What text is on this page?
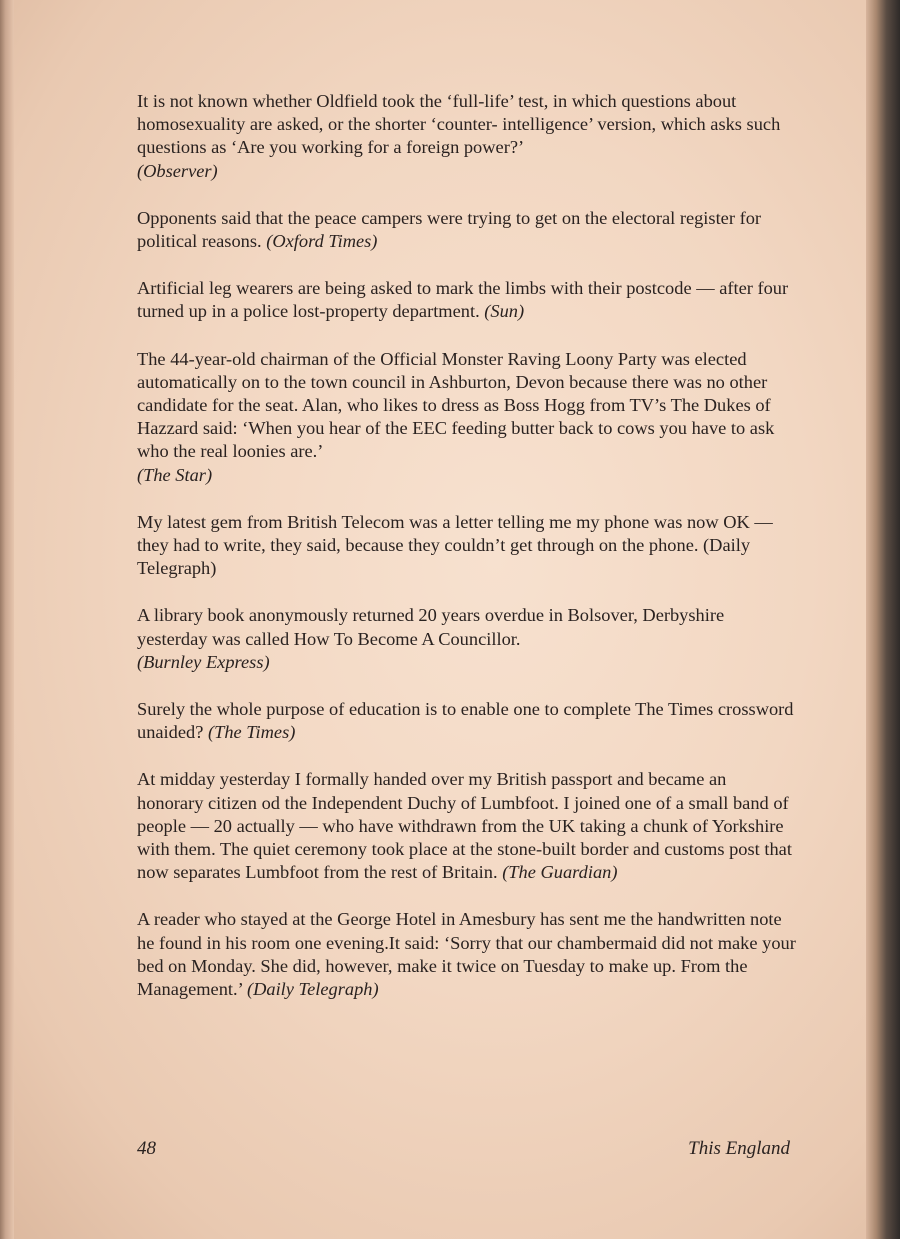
It is not known whether Oldfield took the ‘full-life’ test, in which questions about homosexuality are asked, or the shorter ‘counter- intelligence’ version, which asks such questions as ‘Are you working for a foreign power?’
(Observer)

Opponents said that the peace campers were trying to get on the electoral register for political reasons. (Oxford Times)

Artificial leg wearers are being asked to mark the limbs with their postcode — after four turned up in a police lost-property department. (Sun)

The 44-year-old chairman of the Official Monster Raving Loony Party was elected automatically on to the town council in Ashburton, Devon because there was no other candidate for the seat. Alan, who likes to dress as Boss Hogg from TV’s The Dukes of Hazzard said: ‘When you hear of the EEC feeding butter back to cows you have to ask who the real loonies are.’
(The Star)

My latest gem from British Telecom was a letter telling me my phone was now OK — they had to write, they said, because they couldn’t get through on the phone. (Daily Telegraph)

A library book anonymously returned 20 years overdue in Bolsover, Derbyshire yesterday was called How To Become A Councillor.
(Burnley Express)

Surely the whole purpose of education is to enable one to complete The Times crossword unaided? (The Times)

At midday yesterday I formally handed over my British passport and became an honorary citizen od the Independent Duchy of Lumbfoot. I joined one of a small band of people — 20 actually — who have withdrawn from the UK taking a chunk of Yorkshire with them. The quiet ceremony took place at the stone-built border and customs post that now separates Lumbfoot from the rest of Britain. (The Guardian)

A reader who stayed at the George Hotel in Amesbury has sent me the handwritten note he found in his room one evening.It said: ‘Sorry that our chambermaid did not make your bed on Monday. She did, however, make it twice on Tuesday to make up. From the Management.’ (Daily Telegraph)

48	This England
